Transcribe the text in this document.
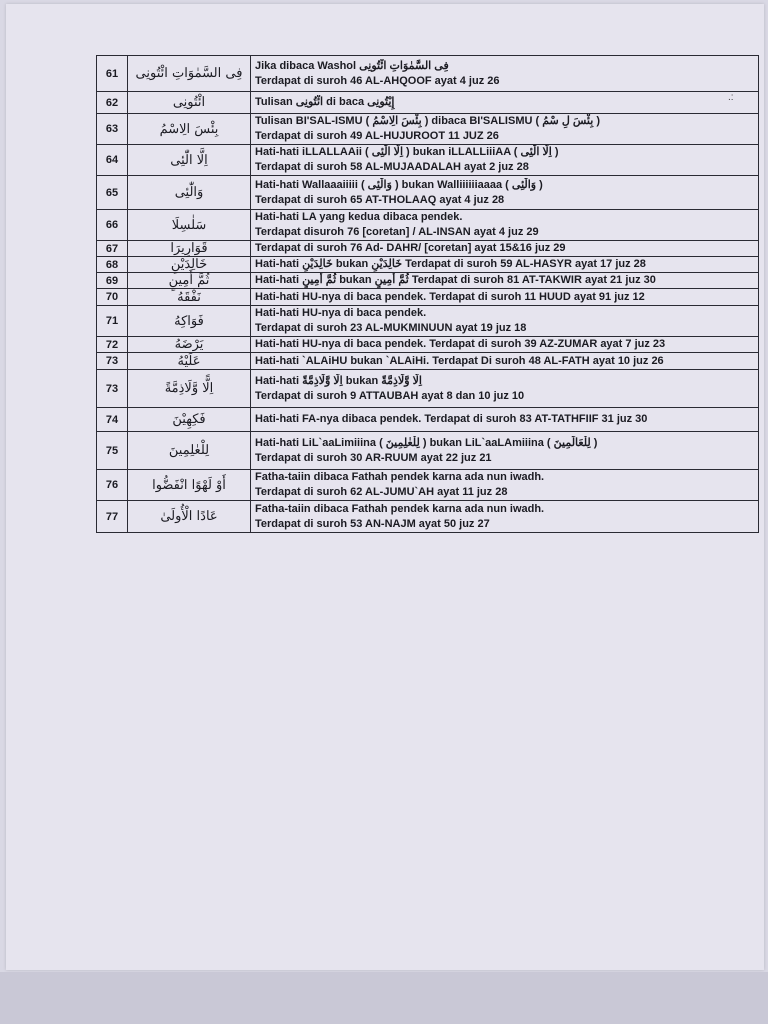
.:
61	فِى السَّمٰوَاتِ ائْتُونِى	Jika dibaca Washol فِى السَّمٰوَاتِ ائْتُونِى
Terdapat di suroh 46 AL-AHQOOF ayat 4 juz 26

62	ائْتُونِى	Tulisan ائْتُونِى di baca إِيْتُونِى

63	بِئْسَ الِاسْمُ	Tulisan BI'SAL-ISMU ( بِئْسَ الِاسْمُ ) dibaca BI'SALISMU ( بِئْسَ لِ سْمُ )
Terdapat di suroh 49 AL-HUJUROOT 11 JUZ 26

64	اِلَّا الّٰئِى	Hati-hati iLLALLAAii ( اِلَّا الّٰئِى ) bukan iLLALLiiiAA ( اِلَّا الّٰئِى )
Terdapat di suroh 58 AL-MUJAADALAH ayat 2 juz 28

65	وَالّٰئِى	Hati-hati Wallaaaiiiii ( وَالّٰئِى ) bukan Walliiiiiiaaaa ( وَالّٰئِى )
Terdapat di suroh 65 AT-THOLAAQ ayat 4 juz 28

66	سَلٰسِلَا	Hati-hati LA yang kedua dibaca pendek.
Terdapat disuroh 76 [coretan] / AL-INSAN ayat 4 juz 29

67	قَوَارِيرَا	Terdapat di suroh 76 Ad- DAHR/ [coretan] ayat 15&16 juz 29

68	خَالِدَيْنِ	Hati-hati خَالِدَيْنِ bukan خَالِدَيْنِ Terdapat di suroh 59 AL-HASYR ayat 17 juz 28

69	ثُمَّ أَمِينٍ	Hati-hati ثُمَّ أَمِينٍ bukan ثُمَّ أَمِينٍ Terdapat di suroh 81 AT-TAKWIR ayat 21 juz 30

70	نَفْقَهُ	Hati-hati HU-nya di baca pendek. Terdapat di suroh 11 HUUD ayat 91 juz 12

71	فَوَاكِهُ	Hati-hati HU-nya di baca pendek.
Terdapat di suroh 23 AL-MUKMINUUN ayat 19 juz 18

72	يَرْضَهُ	Hati-hati HU-nya di baca pendek. Terdapat di suroh 39 AZ-ZUMAR ayat 7 juz 23

73	عَلَيْهُ	Hati-hati `ALAiHU bukan `ALAiHi. Terdapat Di suroh 48 AL-FATH ayat 10 juz 26

73	اِلًّا وَّلَاذِمَّةً	Hati-hati اِلًّا وَّلَاذِمَّةً bukan اِلًّا وَّلَاذِمَّةً
Terdapat di suroh 9 ATTAUBAH ayat 8 dan 10 juz 10

74	فَكِهِيْنَ	Hati-hati FA-nya dibaca pendek. Terdapat di suroh 83 AT-TATHFIIF 31 juz 30

75	لِلْعٰلِمِينَ	Hati-hati LiL`aaLimiiina ( لِلْعٰلِمِينَ ) bukan LiL`aaLAmiiina ( لِلْعَالَمِينَ )
Terdapat di suroh 30 AR-RUUM ayat 22 juz 21

76	أَوْ لَهْوًا انْفَضُّوا	Fatha-taiin dibaca Fathah pendek karna ada nun iwadh.
Terdapat di suroh 62 AL-JUMU`AH ayat 11 juz 28

77	عَادًا الْأُولَىٰ	Fatha-taiin dibaca Fathah pendek karna ada nun iwadh.
Terdapat di suroh 53 AN-NAJM ayat 50 juz 27
